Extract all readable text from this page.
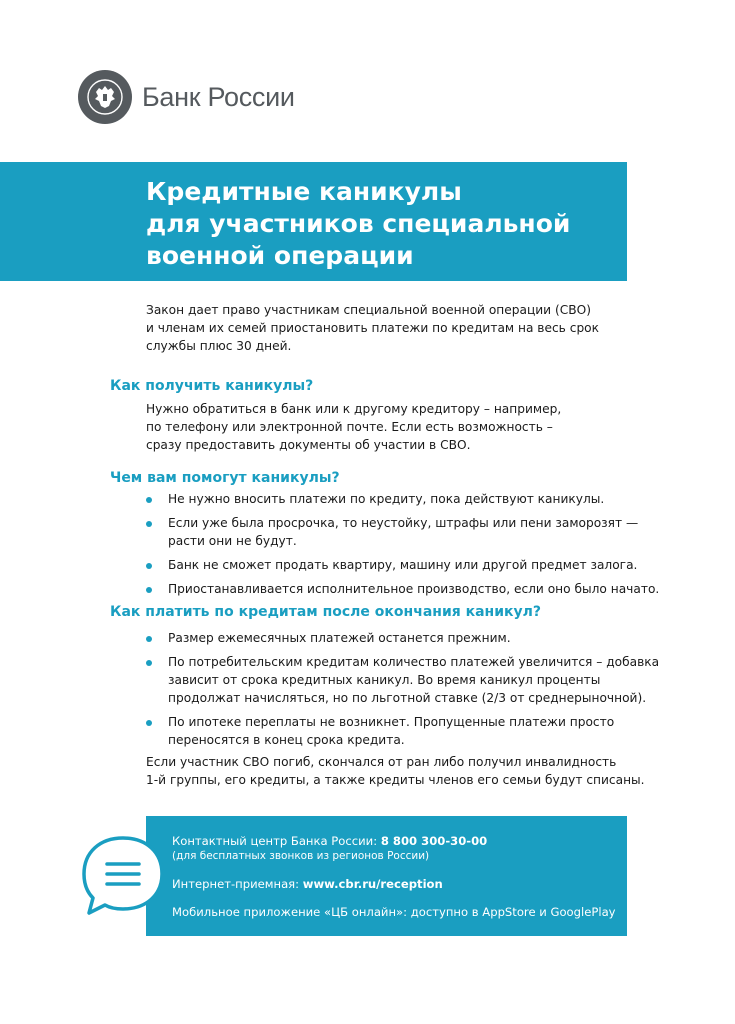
Банк России
Кредитные каникулы
для участников специальной
военной операции

Закон дает право участникам специальной военной операции (СВО)
и членам их семей приостановить платежи по кредитам на весь срок
службы плюс 30 дней.

Как получить каникулы?

Нужно обратиться в банк или к другому кредитору – например,
по телефону или электронной почте. Если есть возможность –
сразу предоставить документы об участии в СВО.

Чем вам помогут каникулы?
Не нужно вносить платежи по кредиту, пока действуют каникулы.
Если уже была просрочка, то неустойку, штрафы или пени заморозят —
расти они не будут.
Банк не сможет продать квартиру, машину или другой предмет залога.
Приостанавливается исполнительное производство, если оно было начато.
Как платить по кредитам после окончания каникул?
Размер ежемесячных платежей останется прежним.
По потребительским кредитам количество платежей увеличится – добавка
зависит от срока кредитных каникул. Во время каникул проценты
продолжат начисляться, но по льготной ставке (2/3 от среднерыночной).
По ипотеке переплаты не возникнет. Пропущенные платежи просто
переносятся в конец срока кредита.

Если участник СВО погиб, скончался от ран либо получил инвалидность
1-й группы, его кредиты, а также кредиты членов его семьи будут списаны.

Контактный центр Банка России: 8 800 300-30-00

(для бесплатных звонков из регионов России)

Интернет-приемная: www.cbr.ru/reception

Мобильное приложение «ЦБ онлайн»: доступно в AppStore и GooglePlay
